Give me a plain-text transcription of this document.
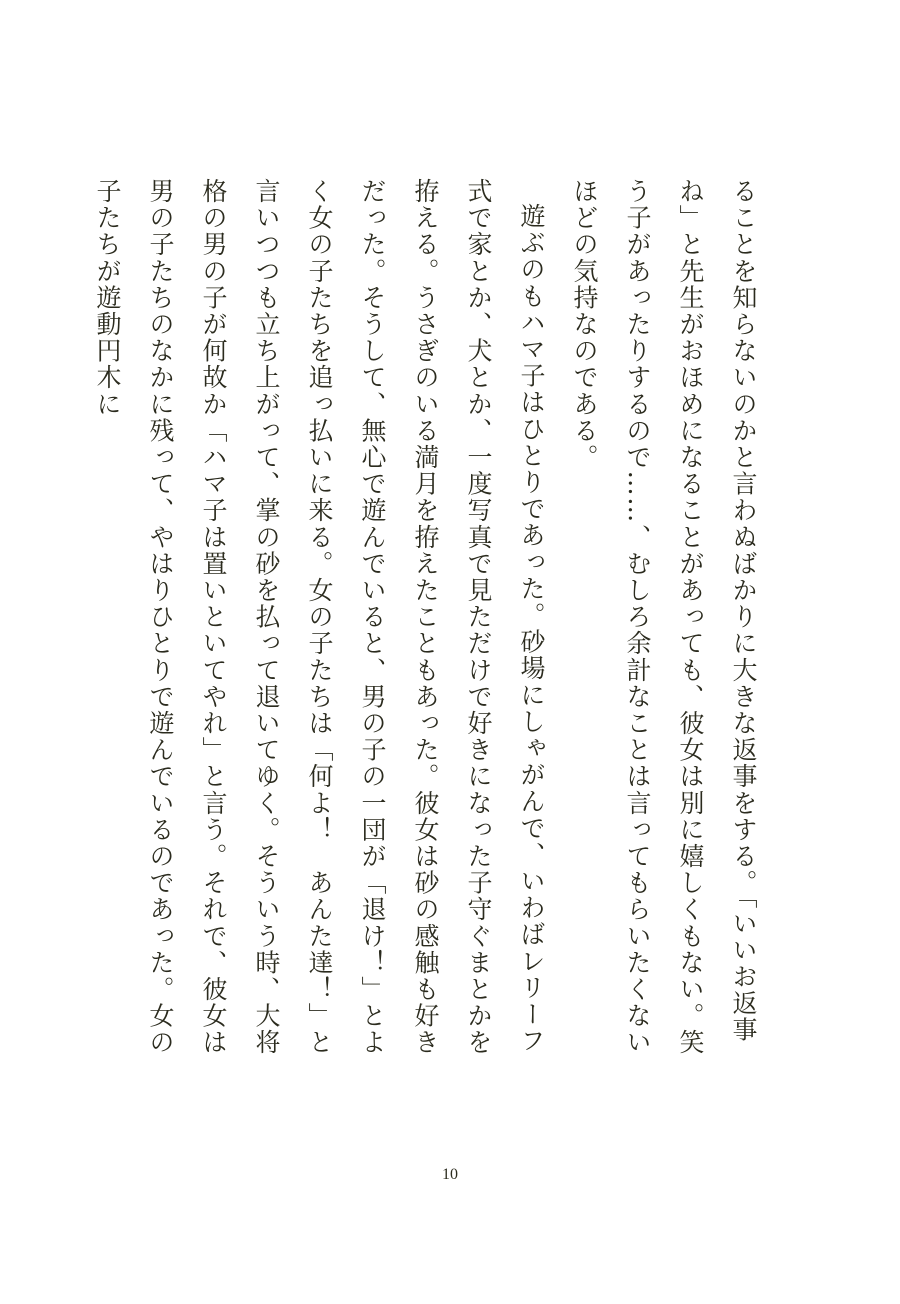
ることを知らないのかと言わぬばかりに大きな返事をする。「いいお返事ね」と先生がおほめになることがあっても、彼女は別に嬉しくもない。笑う子があったりするので……、むしろ余計なことは言ってもらいたくないほどの気持なのである。

遊ぶのもハマ子はひとりであった。砂場にしゃがんで、いわばレリーフ式で家とか、犬とか、一度写真で見ただけで好きになった子守ぐまとかを拵える。うさぎのいる満月を拵えたこともあった。彼女は砂の感触も好きだった。そうして、無心で遊んでいると、男の子の一団が「退け！」とよく女の子たちを追っ払いに来る。女の子たちは「何よ！　あんた達！」と言いつつも立ち上がって、掌の砂を払って退いてゆく。そういう時、大将格の男の子が何故か「ハマ子は置いといてやれ」と言う。それで、彼女は男の子たちのなかに残って、やはりひとりで遊んでいるのであった。女の子たちが遊動円木に

10
